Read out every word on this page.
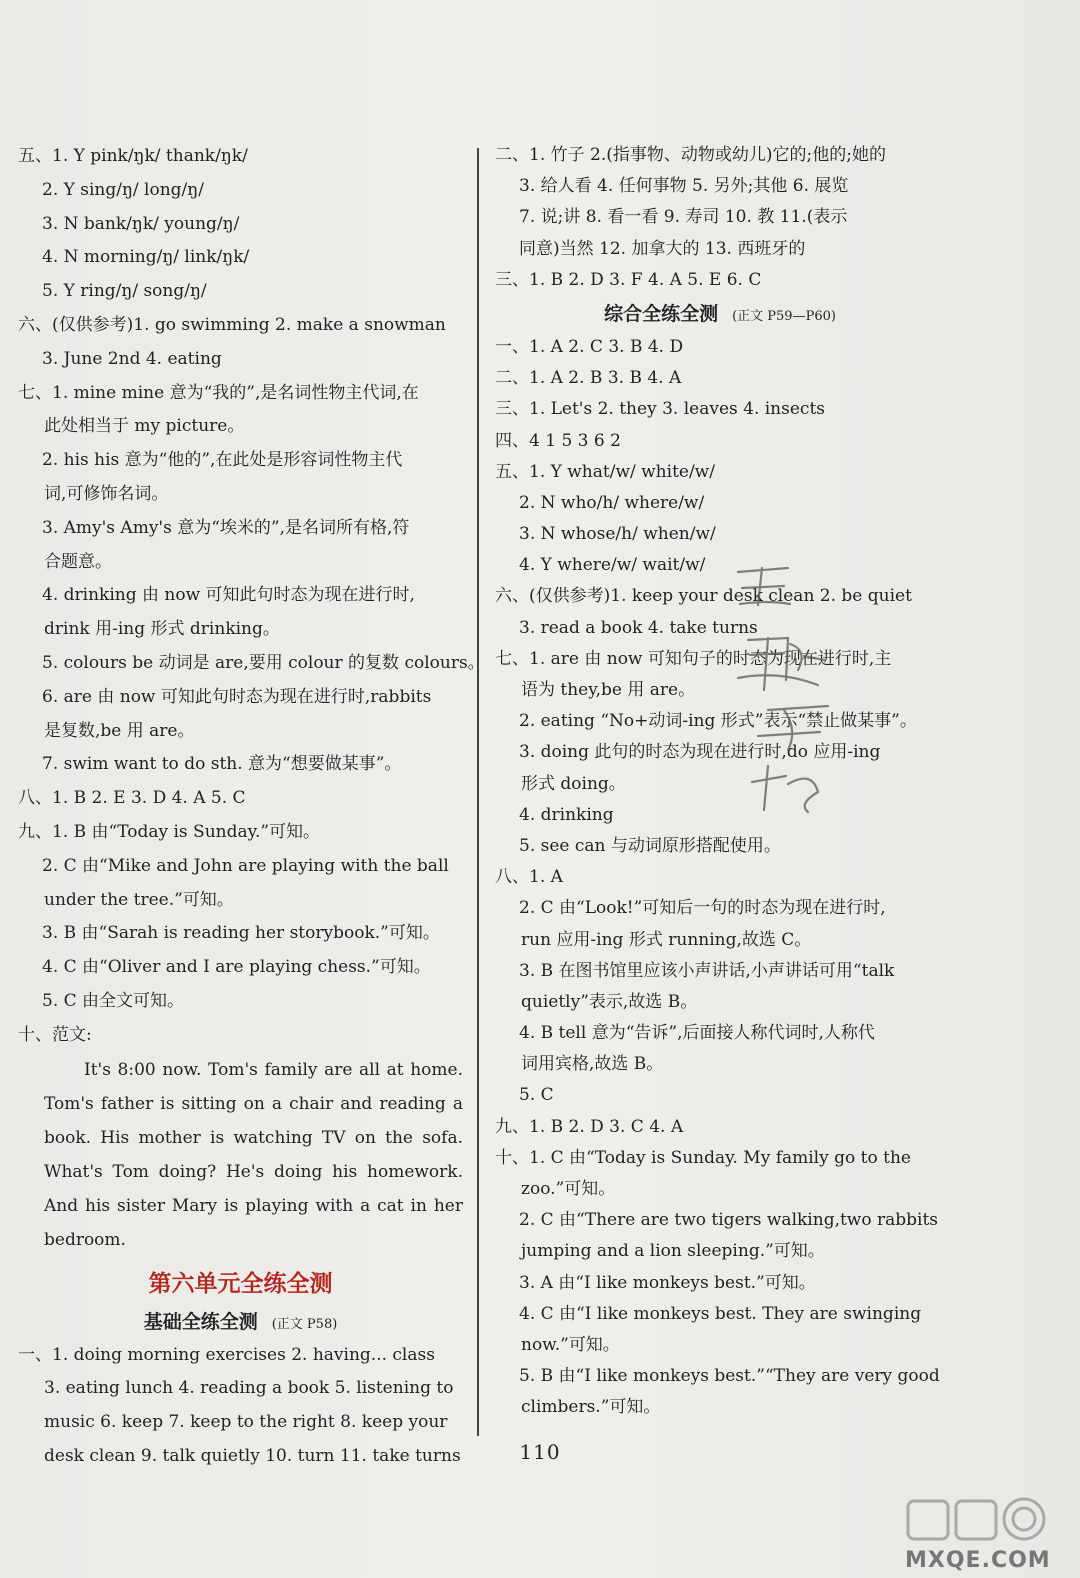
五、1. Y pink/ŋk/ thank/ŋk/
2. Y sing/ŋ/ long/ŋ/
3. N bank/ŋk/ young/ŋ/
4. N morning/ŋ/ link/ŋk/
5. Y ring/ŋ/ song/ŋ/
六、(仅供参考)1. go swimming 2. make a snowman
3. June 2nd 4. eating
七、1. mine mine 意为“我的”,是名词性物主代词,在
此处相当于 my picture。
2. his his 意为“他的”,在此处是形容词性物主代
词,可修饰名词。
3. Amy's Amy's 意为“埃米的”,是名词所有格,符
合题意。
4. drinking 由 now 可知此句时态为现在进行时,
drink 用-ing 形式 drinking。
5. colours be 动词是 are,要用 colour 的复数 colours。
6. are 由 now 可知此句时态为现在进行时,rabbits
是复数,be 用 are。
7. swim want to do sth. 意为“想要做某事”。
八、1. B 2. E 3. D 4. A 5. C
九、1. B 由“Today is Sunday.”可知。
2. C 由“Mike and John are playing with the ball
under the tree.”可知。
3. B 由“Sarah is reading her storybook.”可知。
4. C 由“Oliver and I are playing chess.”可知。
5. C 由全文可知。
十、范文:
It's 8:00 now. Tom's family are all at home. Tom's father is sitting on a chair and reading a book. His mother is watching TV on the sofa. What's Tom doing? He's doing his homework. And his sister Mary is playing with a cat in her bedroom.
第六单元全练全测
基础全练全测 (正文 P58)
一、1. doing morning exercises 2. having... class
3. eating lunch 4. reading a book 5. listening to
music 6. keep 7. keep to the right 8. keep your
desk clean 9. talk quietly 10. turn 11. take turns
二、1. 竹子 2.(指事物、动物或幼儿)它的;他的;她的
3. 给人看 4. 任何事物 5. 另外;其他 6. 展览
7. 说;讲 8. 看一看 9. 寿司 10. 教 11.(表示
同意)当然 12. 加拿大的 13. 西班牙的
三、1. B 2. D 3. F 4. A 5. E 6. C
综合全练全测 (正文 P59—P60)
一、1. A 2. C 3. B 4. D
二、1. A 2. B 3. B 4. A
三、1. Let's 2. they 3. leaves 4. insects
四、4 1 5 3 6 2
五、1. Y what/w/ white/w/
2. N who/h/ where/w/
3. N whose/h/ when/w/
4. Y where/w/ wait/w/
六、(仅供参考)1. keep your desk clean 2. be quiet
3. read a book 4. take turns
七、1. are 由 now 可知句子的时态为现在进行时,主
语为 they,be 用 are。
2. eating “No+动词-ing 形式”表示“禁止做某事”。
3. doing 此句的时态为现在进行时,do 应用-ing
形式 doing。
4. drinking
5. see can 与动词原形搭配使用。
八、1. A
2. C 由“Look!”可知后一句的时态为现在进行时,
run 应用-ing 形式 running,故选 C。
3. B 在图书馆里应该小声讲话,小声讲话可用“talk
quietly”表示,故选 B。
4. B tell 意为“告诉”,后面接人称代词时,人称代
词用宾格,故选 B。
5. C
九、1. B 2. D 3. C 4. A
十、1. C 由“Today is Sunday. My family go to the
zoo.”可知。
2. C 由“There are two tigers walking,two rabbits
jumping and a lion sleeping.”可知。
3. A 由“I like monkeys best.”可知。
4. C 由“I like monkeys best. They are swinging
now.”可知。
5. B 由“I like monkeys best.”“They are very good
climbers.”可知。
110
MXQE.COM
